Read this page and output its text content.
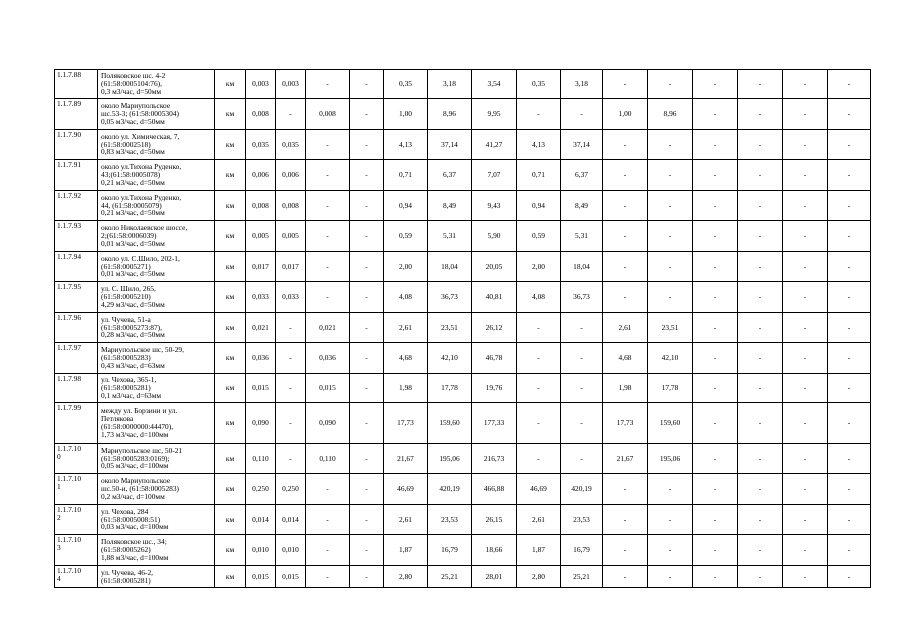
1.1.7.88	Поляковское шс. 4-2
(61:58:0005104:76),
0,3 м3/час, d=50мм	км	0,003	0,003	-	-	0,35	3,18	3,54	0,35	3,18	-	-	-	-	-	-
1.1.7.89	около Мариупольское
шс.53-3; (61:58:0005304)
0,05 м3/час, d=50мм	км	0,008	-	0,008	-	1,00	8,96	9,95	-	-	1,00	8,96	-	-	-	-
1.1.7.90	около ул. Химическая, 7,
(61:58:0002518)
0,83 м3/час, d=50мм	км	0,035	0,035	-	-	4,13	37,14	41,27	4,13	37,14	-	-	-	-	-	-
1.1.7.91	около ул.Тихона Руденко,
43;(61:58:0005078)
0,21 м3/час, d=50мм	км	0,006	0,006	-	-	0,71	6,37	7,07	0,71	6,37	-	-	-	-	-	-
1.1.7.92	около ул.Тихона Руденко,
44, (61:58:0005079)
0,21 м3/час, d=50мм	км	0,008	0,008	-	-	0,94	8,49	9,43	0,94	8,49	-	-	-	-	-	-
1.1.7.93	около Николаевское шоссе,
2;(61:58:0006039)
0,01 м3/час, d=50мм	км	0,005	0,005	-	-	0,59	5,31	5,90	0,59	5,31	-	-	-	-	-	-
1.1.7.94	около ул. С.Шило, 202-1,
(61:58:0005271)
0,01 м3/час, d=50мм	км	0,017	0,017	-	-	2,00	18,04	20,05	2,00	18,04	-	-	-	-	-	-
1.1.7.95	ул. С. Шило, 265,
(61:58:0005210)
4,29 м3/час, d=50мм	км	0,033	0,033	-	-	4,08	36,73	40,81	4,08	36,73	-	-	-	-	-	-
1.1.7.96	ул. Чучева, 51-а
(61:58:0005273:87),
0,28 м3/час, d=50мм	км	0,021	-	0,021	-	2,61	23,51	26,12	-	-	2,61	23,51	-	-	-	-
1.1.7.97	Мариупольское шс, 50-29,
(61:58:0005283)
0,43 м3/час, d=63мм	км	0,036	-	0,036	-	4,68	42,10	46,78	-	-	4,68	42,10	-	-	-	-
1.1.7.98	ул. Чехова, 365-1,
(61:58:0005281)
0,1 м3/час, d=63мм	км	0,015	-	0,015	-	1,98	17,78	19,76	-	-	1,98	17,78	-	-	-	-
1.1.7.99	между ул. Борзини и ул.
Петлякова
(61:58:0000000:44470),
1,73 м3/час, d=100мм	км	0,090	-	0,090	-	17,73	159,60	177,33	-	-	17,73	159,60	-	-	-	-
1.1.7.10
0	Мариупольское шс, 50-21
(61:58:0005283:0169);
0,05 м3/час, d=100мм	км	0,110	-	0,110	-	21,67	195,06	216,73	-	-	21,67	195,06	-	-	-	-
1.1.7.10
1	около Мариупольское
шс.50-и, (61:58:0005283)
0,2 м3/час, d=100мм	км	0,250	0,250	-	-	46,69	420,19	466,88	46,69	420,19	-	-	-	-	-	-
1.1.7.10
2	ул. Чехова, 284
(61:58:0005008:51)
0,03 м3/час, d=100мм	км	0,014	0,014	-	-	2,61	23,53	26,15	2,61	23,53	-	-	-	-	-	-
1.1.7.10
3	Поляковское шс., 34;
(61:58:0005262)
1,88 м3/час, d=100мм	км	0,010	0,010	-	-	1,87	16,79	18,66	1,87	16,79	-	-	-	-	-	-
1.1.7.10
4	ул. Чучева, 46-2,
(61:58:0005281)	км	0,015	0,015	-	-	2,80	25,21	28,01	2,80	25,21	-	-	-	-	-	-
